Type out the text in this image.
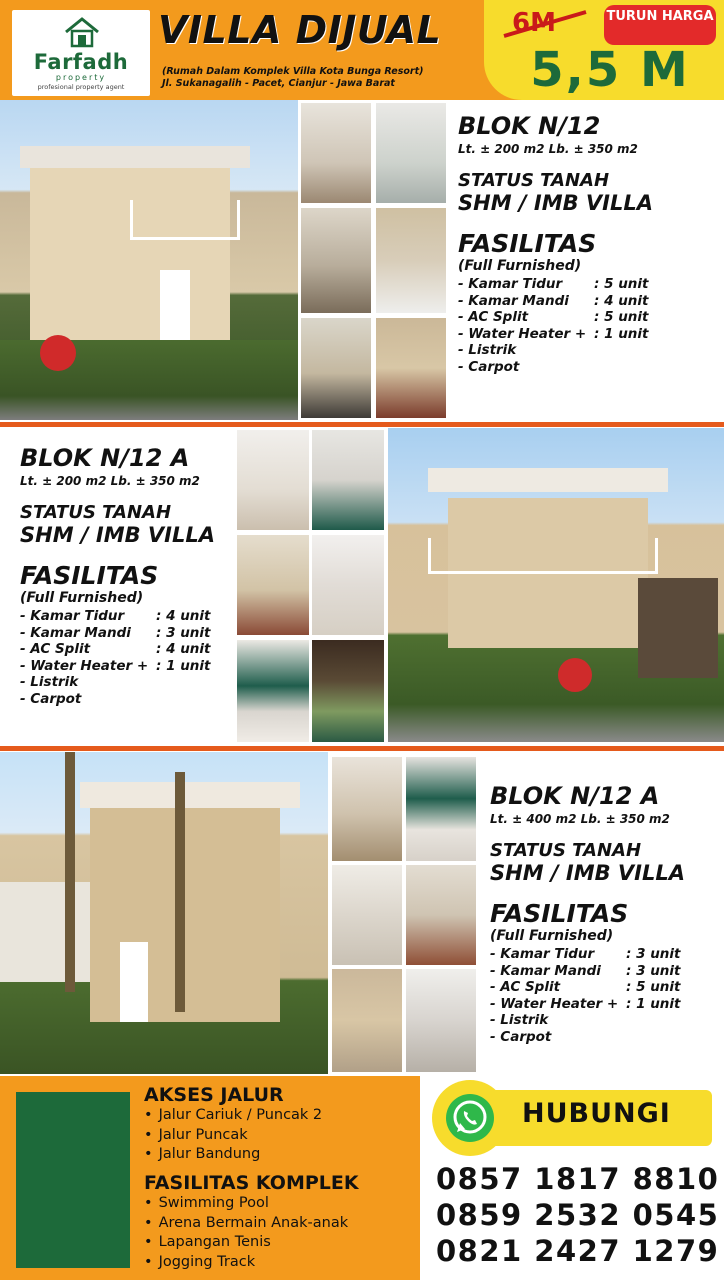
Farfadh
property
profesional property agent
VILLA DIJUAL
(Rumah Dalam Komplek Villa Kota Bunga Resort)
Jl. Sukanagalih - Pacet, Cianjur - Jawa Barat
6M	TURUN HARGA
5,5 M
BLOK N/12
Lt. ± 200 m2 Lb. ± 350 m2
STATUS TANAH
SHM / IMB VILLA
FASILITAS
(Full Furnished)
- Kamar Tidur	: 5 unit
- Kamar Mandi	: 4 unit
- AC Split	: 5 unit
- Water Heater + : 1 unit
- Listrik
- Carpot
BLOK N/12 A
Lt. ± 200 m2 Lb. ± 350 m2
STATUS TANAH
SHM / IMB VILLA
FASILITAS
(Full Furnished)
- Kamar Tidur	: 4 unit
- Kamar Mandi	: 3 unit
- AC Split	: 4 unit
- Water Heater + : 1 unit
- Listrik
- Carpot
BLOK N/12 A
Lt. ± 400 m2 Lb. ± 350 m2
STATUS TANAH
SHM / IMB VILLA
FASILITAS
(Full Furnished)
- Kamar Tidur	: 3 unit
- Kamar Mandi	: 3 unit
- AC Split	: 5 unit
- Water Heater + : 1 unit
- Listrik
- Carpot
AKSES JALUR
• Jalur Cariuk / Puncak 2
• Jalur Puncak
• Jalur Bandung
FASILITAS KOMPLEK
• Swimming Pool
• Arena Bermain Anak-anak
• Lapangan Tenis
• Jogging Track
HUBUNGI
0857 1817 8810
0859 2532 0545
0821 2427 1279
